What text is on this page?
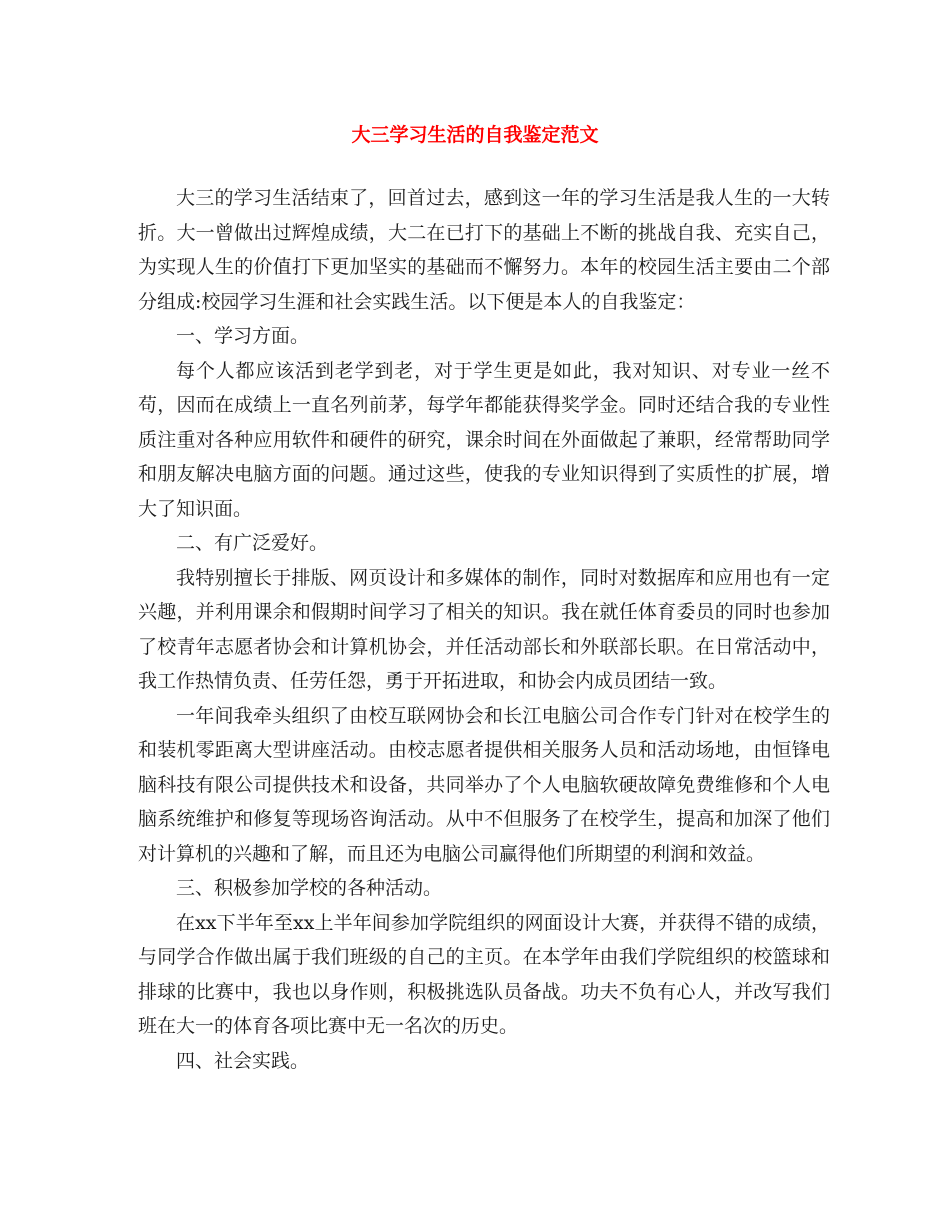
大三学习生活的自我鉴定范文

大三的学习生活结束了，回首过去，感到这一年的学习生活是我人生的一大转折。大一曾做出过辉煌成绩，大二在已打下的基础上不断的挑战自我、充实自己，为实现人生的价值打下更加坚实的基础而不懈努力。本年的校园生活主要由二个部分组成:校园学习生涯和社会实践生活。以下便是本人的自我鉴定：

一、学习方面。

每个人都应该活到老学到老，对于学生更是如此，我对知识、对专业一丝不苟，因而在成绩上一直名列前茅，每学年都能获得奖学金。同时还结合我的专业性质注重对各种应用软件和硬件的研究，课余时间在外面做起了兼职，经常帮助同学和朋友解决电脑方面的问题。通过这些，使我的专业知识得到了实质性的扩展，增大了知识面。

二、有广泛爱好。

我特别擅长于排版、网页设计和多媒体的制作，同时对数据库和应用也有一定兴趣，并利用课余和假期时间学习了相关的知识。我在就任体育委员的同时也参加了校青年志愿者协会和计算机协会，并任活动部长和外联部长职。在日常活动中，我工作热情负责、任劳任怨，勇于开拓进取，和协会内成员团结一致。

一年间我牵头组织了由校互联网协会和长江电脑公司合作专门针对在校学生的和装机零距离大型讲座活动。由校志愿者提供相关服务人员和活动场地，由恒锋电脑科技有限公司提供技术和设备，共同举办了个人电脑软硬故障免费维修和个人电脑系统维护和修复等现场咨询活动。从中不但服务了在校学生，提高和加深了他们对计算机的兴趣和了解，而且还为电脑公司赢得他们所期望的利润和效益。

三、积极参加学校的各种活动。

在xx下半年至xx上半年间参加学院组织的网面设计大赛，并获得不错的成绩，与同学合作做出属于我们班级的自己的主页。在本学年由我们学院组织的校篮球和排球的比赛中，我也以身作则，积极挑选队员备战。功夫不负有心人，并改写我们班在大一的体育各项比赛中无一名次的历史。

四、社会实践。
